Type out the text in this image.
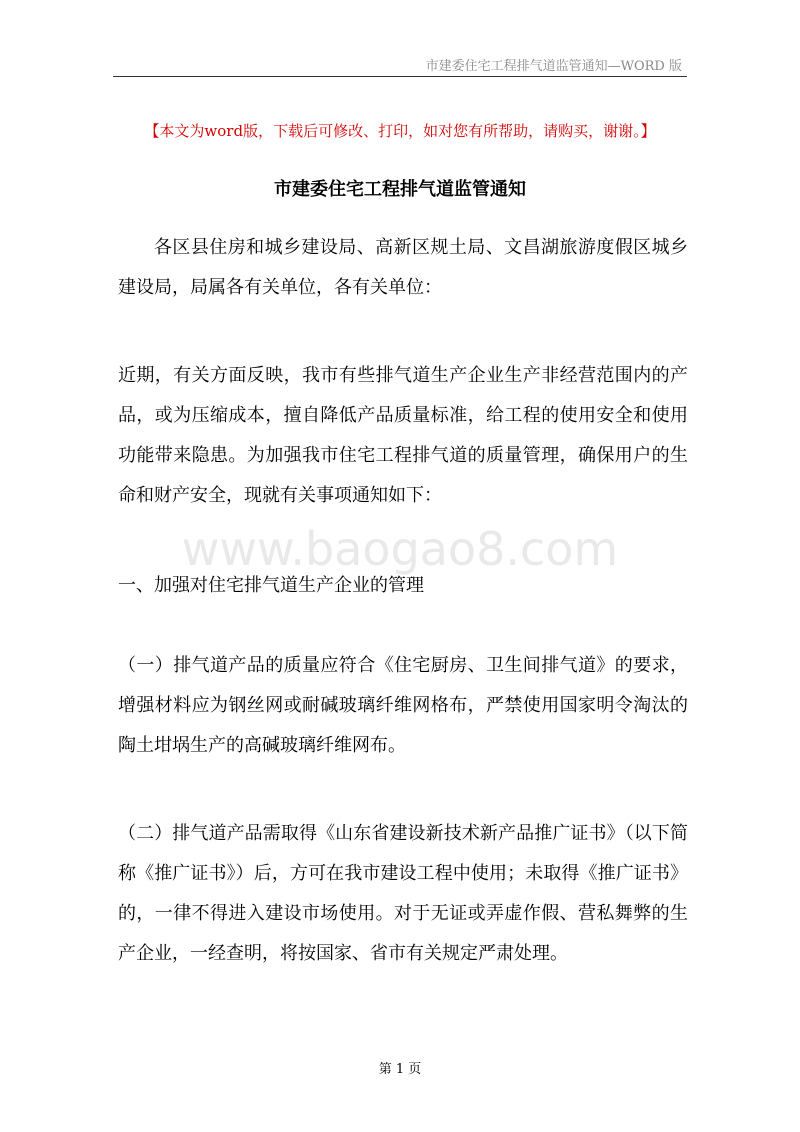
市建委住宅工程排气道监管通知—WORD 版
【本文为word版，下载后可修改、打印，如对您有所帮助，请购买，谢谢。】
市建委住宅工程排气道监管通知
各区县住房和城乡建设局、高新区规土局、文昌湖旅游度假区城乡建设局，局属各有关单位，各有关单位：
近期，有关方面反映，我市有些排气道生产企业生产非经营范围内的产品，或为压缩成本，擅自降低产品质量标准，给工程的使用安全和使用功能带来隐患。为加强我市住宅工程排气道的质量管理，确保用户的生命和财产安全，现就有关事项通知如下：
www.baogao8.com
一、加强对住宅排气道生产企业的管理
（一）排气道产品的质量应符合《住宅厨房、卫生间排气道》的要求，增强材料应为钢丝网或耐碱玻璃纤维网格布，严禁使用国家明令淘汰的陶土坩埚生产的高碱玻璃纤维网布。
（二）排气道产品需取得《山东省建设新技术新产品推广证书》（以下简称《推广证书》）后，方可在我市建设工程中使用；未取得《推广证书》的，一律不得进入建设市场使用。对于无证或弄虚作假、营私舞弊的生产企业，一经查明，将按国家、省市有关规定严肃处理。
第 1 页
